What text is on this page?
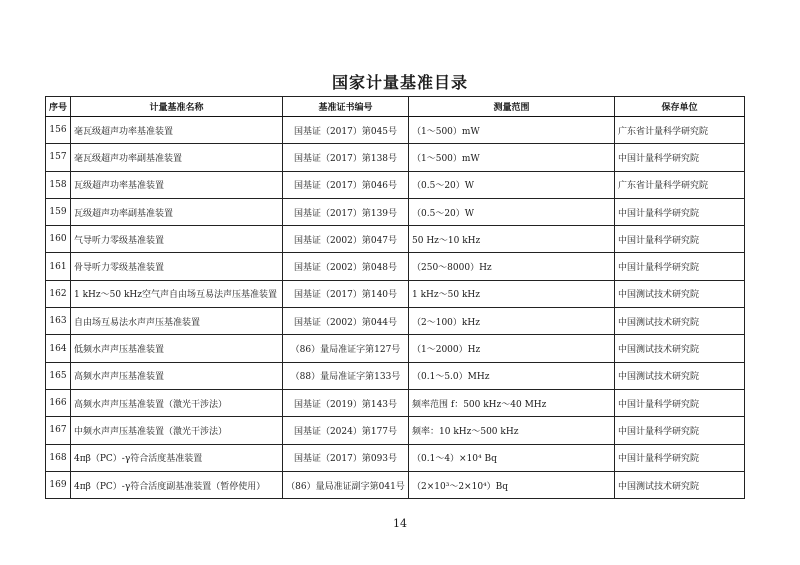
国家计量基准目录
序号	计量基准名称	基准证书编号	测量范围	保存单位
156	毫瓦级超声功率基准装置	国基证（2017）第045号	（1～500）mW	广东省计量科学研究院
157	毫瓦级超声功率副基准装置	国基证（2017）第138号	（1～500）mW	中国计量科学研究院
158	瓦级超声功率基准装置	国基证（2017）第046号	（0.5～20）W	广东省计量科学研究院
159	瓦级超声功率副基准装置	国基证（2017）第139号	（0.5～20）W	中国计量科学研究院
160	气导听力零级基准装置	国基证（2002）第047号	50 Hz～10 kHz	中国计量科学研究院
161	骨导听力零级基准装置	国基证（2002）第048号	（250～8000）Hz	中国计量科学研究院
162	1 kHz～50 kHz空气声自由场互易法声压基准装置	国基证（2017）第140号	1 kHz～50 kHz	中国测试技术研究院
163	自由场互易法水声声压基准装置	国基证（2002）第044号	（2～100）kHz	中国测试技术研究院
164	低频水声声压基准装置	（86）量局准证字第127号	（1～2000）Hz	中国测试技术研究院
165	高频水声声压基准装置	（88）量局准证字第133号	（0.1～5.0）MHz	中国测试技术研究院
166	高频水声声压基准装置（激光干涉法）	国基证（2019）第143号	频率范围 f：500 kHz～40 MHz	中国计量科学研究院
167	中频水声声压基准装置（激光干涉法）	国基证（2024）第177号	频率：10 kHz～500 kHz	中国计量科学研究院
168	4πβ（PC）-γ符合活度基准装置	国基证（2017）第093号	（0.1～4）×10⁴ Bq	中国计量科学研究院
169	4πβ（PC）-γ符合活度副基准装置（暂停使用）	（86）量局准证副字第041号	（2×10³～2×10⁴）Bq	中国测试技术研究院
14
